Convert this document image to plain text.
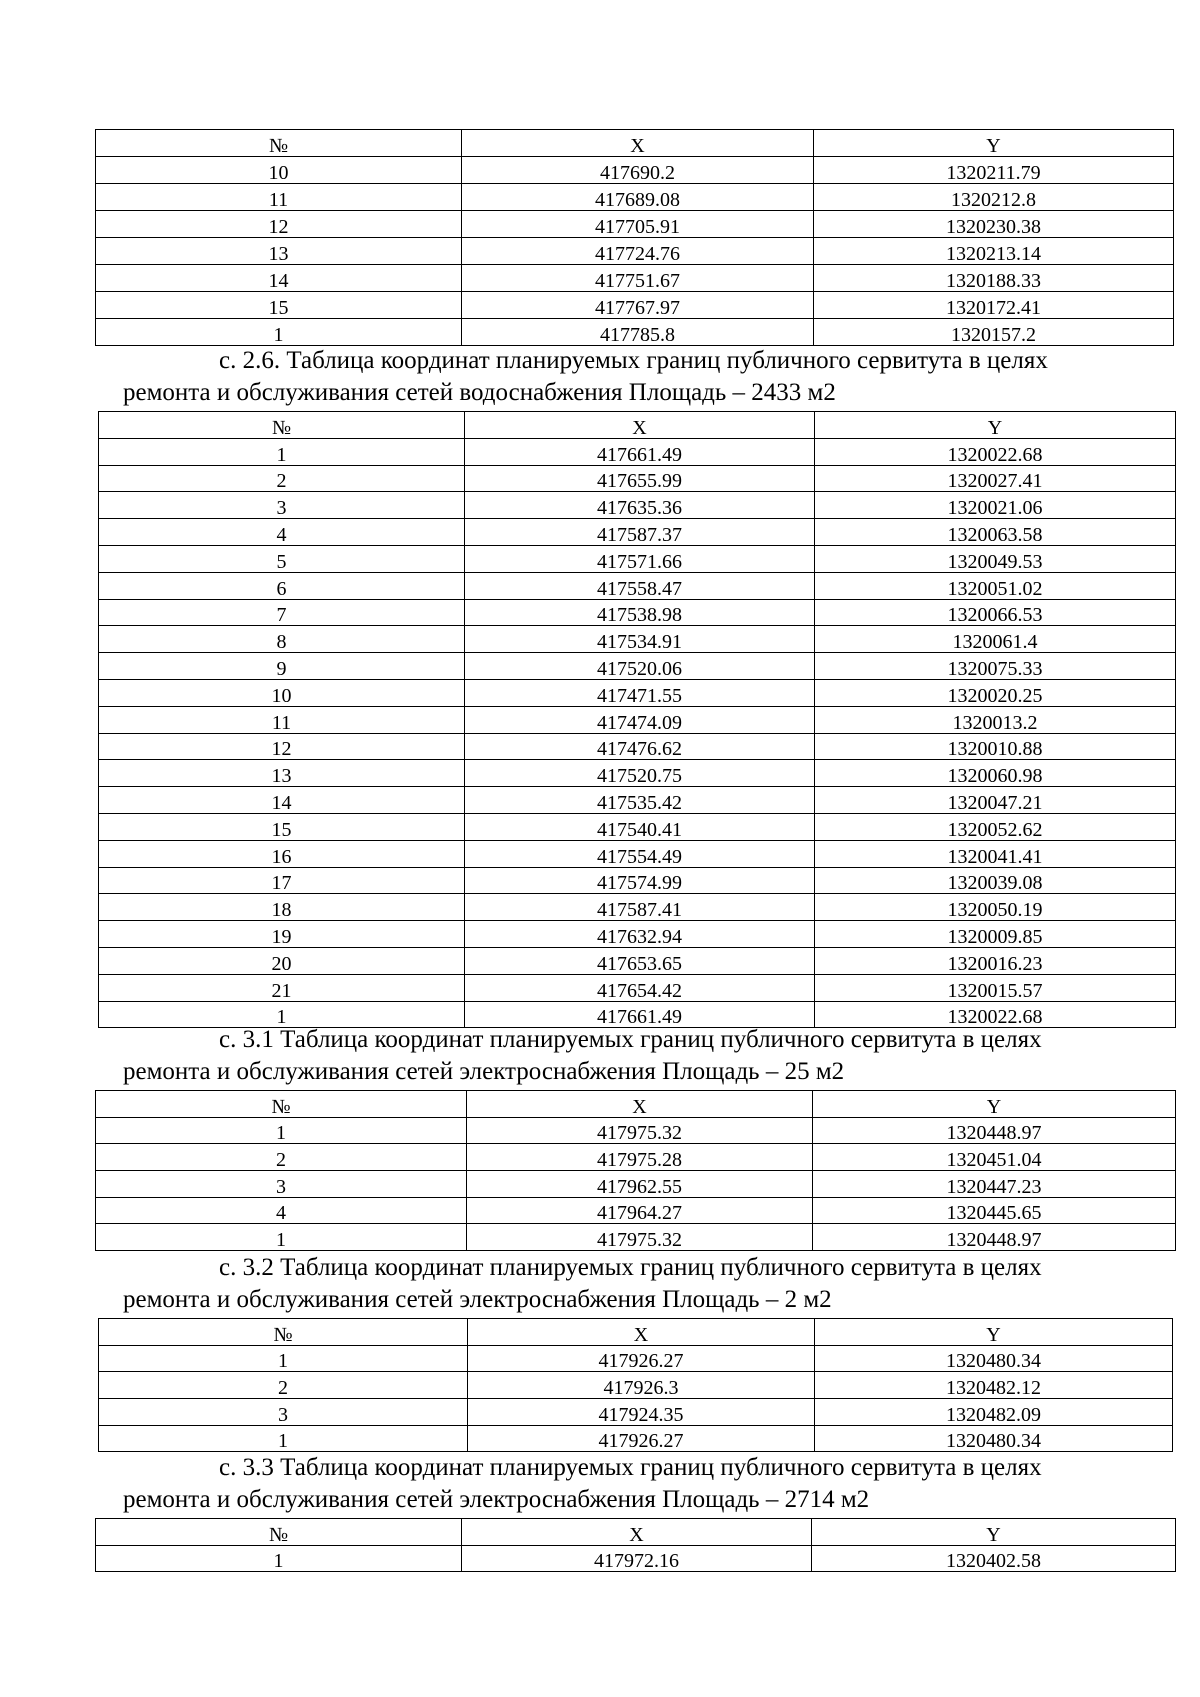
№	X	Y
10	417690.2	1320211.79
11	417689.08	1320212.8
12	417705.91	1320230.38
13	417724.76	1320213.14
14	417751.67	1320188.33
15	417767.97	1320172.41
1	417785.8	1320157.2
с. 2.6. Таблица координат планируемых границ публичного сервитута в целях
ремонта и обслуживания сетей водоснабжения Площадь – 2433 м2
№	X	Y
1	417661.49	1320022.68
2	417655.99	1320027.41
3	417635.36	1320021.06
4	417587.37	1320063.58
5	417571.66	1320049.53
6	417558.47	1320051.02
7	417538.98	1320066.53
8	417534.91	1320061.4
9	417520.06	1320075.33
10	417471.55	1320020.25
11	417474.09	1320013.2
12	417476.62	1320010.88
13	417520.75	1320060.98
14	417535.42	1320047.21
15	417540.41	1320052.62
16	417554.49	1320041.41
17	417574.99	1320039.08
18	417587.41	1320050.19
19	417632.94	1320009.85
20	417653.65	1320016.23
21	417654.42	1320015.57
1	417661.49	1320022.68
с. 3.1 Таблица координат планируемых границ публичного сервитута в целях
ремонта и обслуживания сетей электроснабжения Площадь – 25 м2
№	X	Y
1	417975.32	1320448.97
2	417975.28	1320451.04
3	417962.55	1320447.23
4	417964.27	1320445.65
1	417975.32	1320448.97
с. 3.2 Таблица координат планируемых границ публичного сервитута в целях
ремонта и обслуживания сетей электроснабжения Площадь – 2 м2
№	X	Y
1	417926.27	1320480.34
2	417926.3	1320482.12
3	417924.35	1320482.09
1	417926.27	1320480.34
с. 3.3 Таблица координат планируемых границ публичного сервитута в целях
ремонта и обслуживания сетей электроснабжения Площадь – 2714 м2
№	X	Y
1	417972.16	1320402.58
